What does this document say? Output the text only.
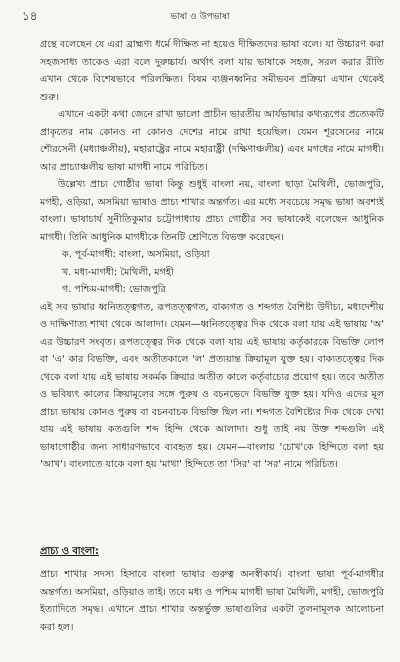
১৪	ভাষা ও উপভাষা

গ্রন্থে বলেছেন যে এরা ব্রাহ্মণ্য ধর্মে দীক্ষিত না হয়েও দীক্ষিতদের ভাষা বলে। যা উচ্চারণ করা সহজসাধ্য তাকেও এরা বলে দুরুচ্চার্য। অর্থাৎ বলা যায় ভাষাকে সহজ, সরল করার রীতি এখান থেকে বিশেষভাবে পরিলক্ষিত। বিষম ব্যঞ্জনধ্বনির সমীভবন প্রক্রিয়া এখান থেকেই শুরু।

এখানে একটা কথা জেনে রাখা ভালো প্রাচীন ভারতীয় আর্যভাষার কথ্যরূপের প্রত্যেকটি প্রাকৃতের নাম কোনও না কোনও দেশের নামে রাখা হয়েছিল। যেমন শূরসেনের নামে শৌরসেনী (মধ্যাঞ্চলীয়), মহারাষ্ট্রের নামে মহারাষ্ট্রী (দক্ষিণাঞ্চলীয়) এবং মগধের নামে মাগধী। আর প্রাচ্যাঞ্চলীয় ভাষা মাগধী নামে পরিচিত।

উল্লেখ্য প্রাচ্য গোষ্ঠীর ভাষা কিন্তু শুধুই বাংলা নয়, বাংলা ছাড়া মৈথিলী, ভোজপুরি, মগহী, ওড়িয়া, অসমিয়া ভাষাও প্রাচ্য শাখার অন্তর্গত। এর মধ্যে সবচেয়ে সমৃদ্ধ ভাষা অবশ্যই বাংলা। ভাষাচার্য সুনীতিকুমার চট্টোপাধ্যায় প্রাচ্য গোষ্ঠীর সব ভাষাকেই বলেছেন আধুনিক মাগধী। তিনি আধুনিক মাগধীকে তিনটি শ্রেণিতে বিভক্ত করেছেন।

ক. পূর্ব-মাগধী: বাংলা, অসমিয়া, ওড়িয়া
খ. মধ্য-মাগধী: মৈথিলী, মগহী
গ. পশ্চিম-মাগধী: ভোজপুরি

এই সব ভাষার ধ্বনিতত্ত্বগত, রূপতত্ত্বগত, বাক্যগত ও শব্দগত বৈশিষ্ট্য উদীচ্য, মধ্যদেশীয় ও দাক্ষিণাত্য শাখা থেকে আলাদা। যেমন—ধ্বনিতত্ত্বের দিক থেকে বলা যায় এই ভাষায় 'অ' এর উচ্চারণ সংবৃত। রূপতত্ত্বের দিক থেকে বলা যায় এই ভাষায় কর্তৃকারকে বিভক্তি লোপ বা 'এ' কার বিভক্তি, এবং অতীতকালে 'ল' প্রত্যয়ান্ত ক্রিয়ামূল যুক্ত হয়। বাক্যতত্ত্বের দিক থেকে বলা যায় এই ভাষায় সকর্মক ক্রিয়ার অতীত কালে কর্তৃবাচ্যের প্রয়োগ হয়। তবে অতীত ও ভবিষ্যৎ কালের ক্রিয়ামূলের সঙ্গে পুরুষ ও বচনভেদে বিভক্তি যুক্ত হয়। যদিও এদের মূল প্রাচ্য ভাষায় কোনও পুরুষ বা বচনবাচক বিভক্তি ছিল না। শব্দগত বৈশিষ্ট্যের দিক থেকে দেখা যায় এই ভাষায় কতগুলি শব্দ হিন্দি থেকে আলাদা। শুধু তাই নয় উক্ত শব্দগুলি এই ভাষাগোষ্ঠীর জন্য সাধারণভাবে ব্যবহৃত হয়। যেমন—বাংলায় 'চোখ'কে হিন্দিতে বলা হয় 'আখ'। বাংলাতে যাকে বলা হয় 'মাথা' হিন্দিতে তা 'সির' বা 'সর' নামে পরিচিত।

প্রাচ্য ও বাংলা:

প্রাচ্য শাখার সদস্য হিসাবে বাংলা ভাষার গুরুত্ব অনস্বীকার্য। বাংলা ভাষা পূর্ব-মাগধীর অন্তর্গত। অসমিয়া, ওড়িয়াও তাই। তবে মধ্য ও পশ্চিম মাগধী ভাষা মৈথিলী, মগহী, ভোজপুরি ইত্যাদিতে সমৃদ্ধ। এখানে প্রাচ্য শাখার অন্তর্ভুক্ত ভাষাগুলির একটা তুলনামূলক আলোচনা করা হল।
